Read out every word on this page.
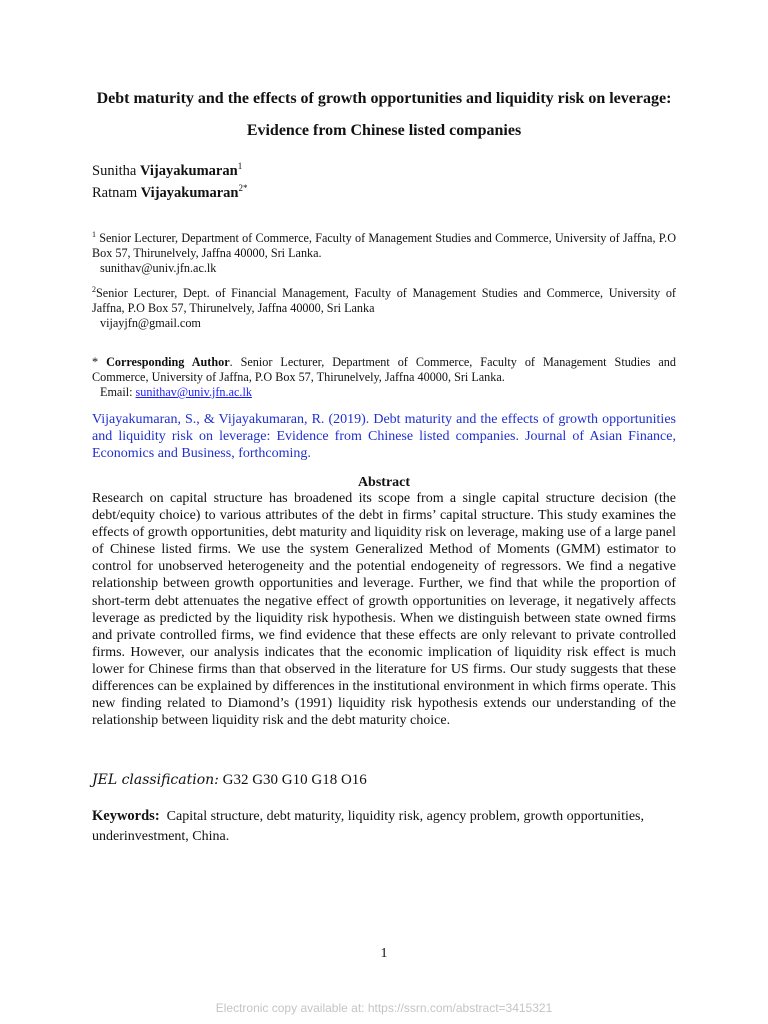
Debt maturity and the effects of growth opportunities and liquidity risk on leverage: Evidence from Chinese listed companies
Sunitha Vijayakumaran$^1$
Ratnam Vijayakumaran$^{2*}$
$^1$ Senior Lecturer, Department of Commerce, Faculty of Management Studies and Commerce, University of Jaffna, P.O Box 57, Thirunelvely, Jaffna 40000, Sri Lanka.
sunithav@univ.jfn.ac.lk
$^2$Senior Lecturer, Dept. of Financial Management, Faculty of Management Studies and Commerce, University of Jaffna, P.O Box 57, Thirunelvely, Jaffna 40000, Sri Lanka
vijayjfn@gmail.com
* Corresponding Author. Senior Lecturer, Department of Commerce, Faculty of Management Studies and Commerce, University of Jaffna, P.O Box 57, Thirunelvely, Jaffna 40000, Sri Lanka.
Email: sunithav@univ.jfn.ac.lk
Vijayakumaran, S., & Vijayakumaran, R. (2019). Debt maturity and the effects of growth opportunities and liquidity risk on leverage: Evidence from Chinese listed companies. Journal of Asian Finance, Economics and Business, forthcoming.
Abstract
Research on capital structure has broadened its scope from a single capital structure decision (the debt/equity choice) to various attributes of the debt in firms’ capital structure. This study examines the effects of growth opportunities, debt maturity and liquidity risk on leverage, making use of a large panel of Chinese listed firms. We use the system Generalized Method of Moments (GMM) estimator to control for unobserved heterogeneity and the potential endogeneity of regressors. We find a negative relationship between growth opportunities and leverage. Further, we find that while the proportion of short-term debt attenuates the negative effect of growth opportunities on leverage, it negatively affects leverage as predicted by the liquidity risk hypothesis. When we distinguish between state owned firms and private controlled firms, we find evidence that these effects are only relevant to private controlled firms. However, our analysis indicates that the economic implication of liquidity risk effect is much lower for Chinese firms than that observed in the literature for US firms. Our study suggests that these differences can be explained by differences in the institutional environment in which firms operate. This new finding related to Diamond’s (1991) liquidity risk hypothesis extends our understanding of the relationship between liquidity risk and the debt maturity choice.
JEL classification: G32 G30 G10 G18 O16
Keywords: Capital structure, debt maturity, liquidity risk, agency problem, growth opportunities, underinvestment, China.
1
Electronic copy available at: https://ssrn.com/abstract=3415321
